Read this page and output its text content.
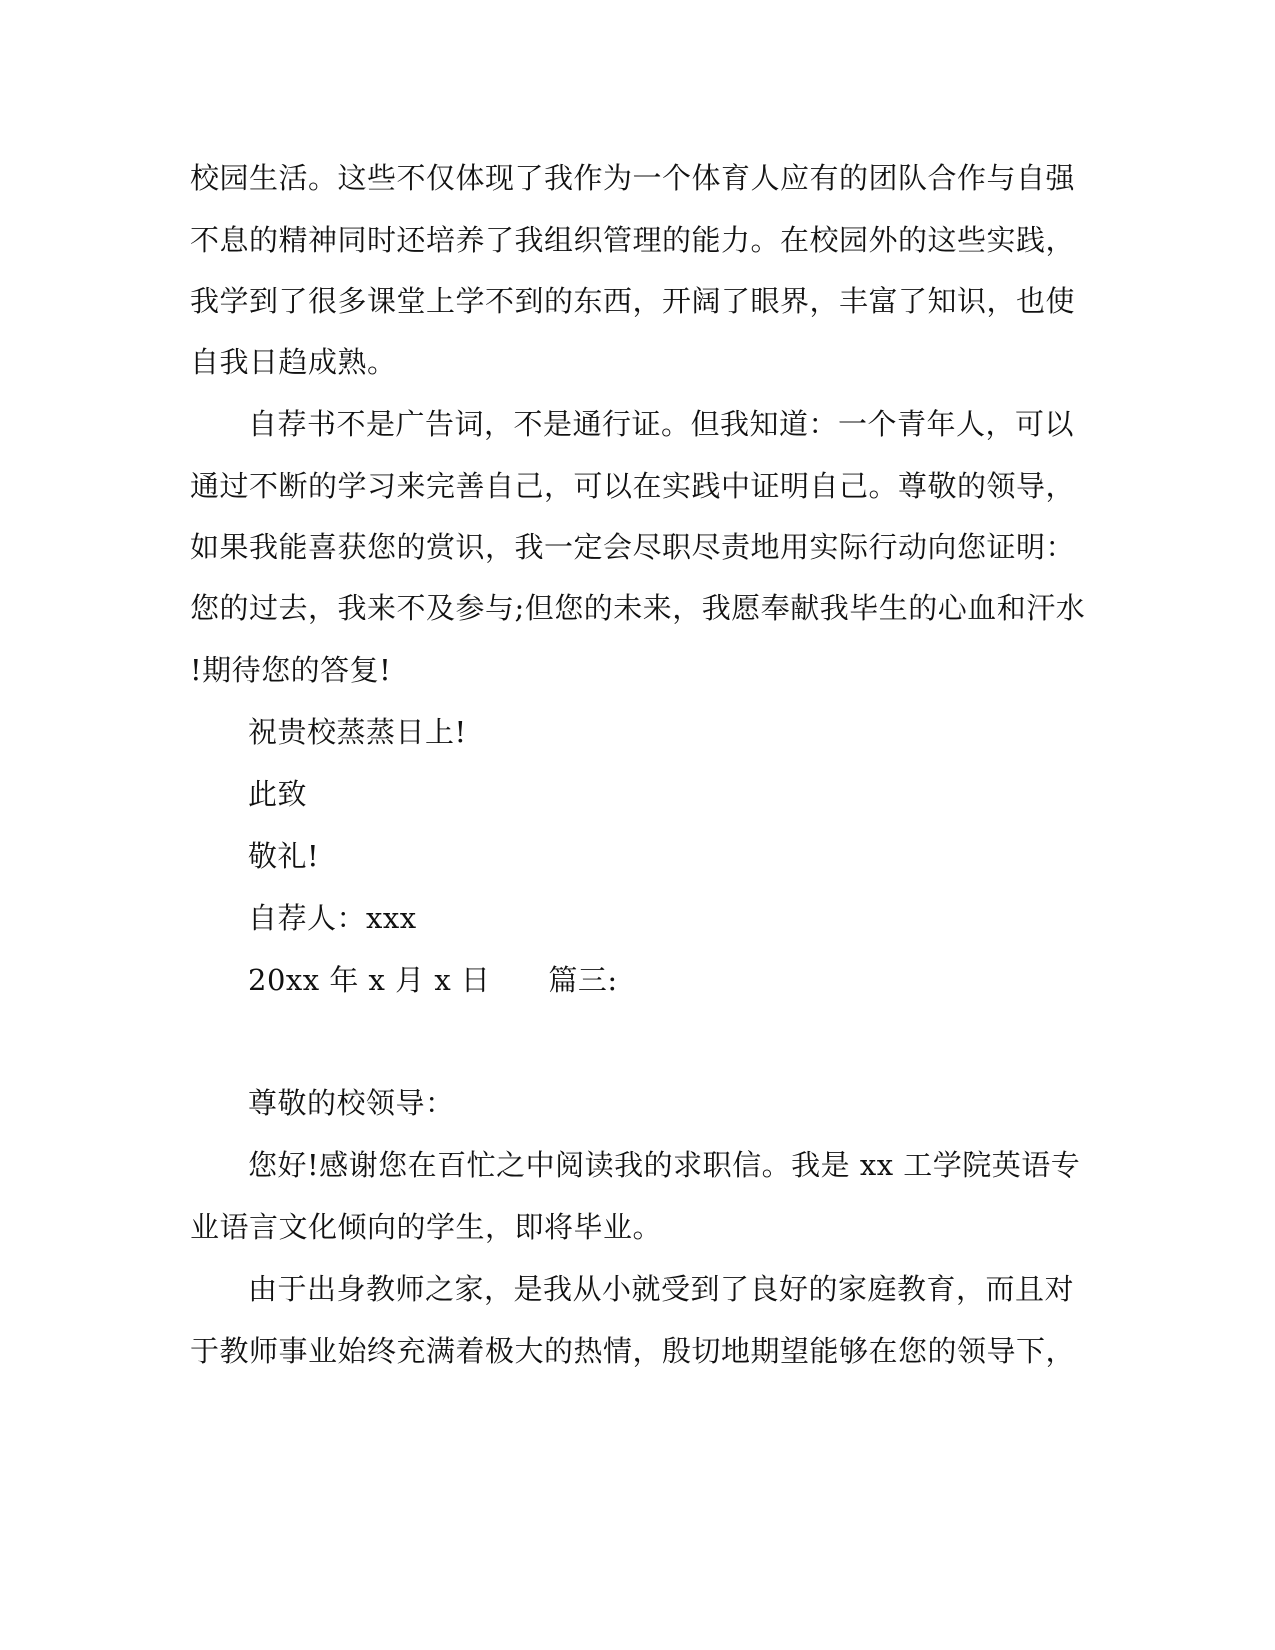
校园生活。这些不仅体现了我作为一个体育人应有的团队合作与自强
不息的精神同时还培养了我组织管理的能力。在校园外的这些实践，
我学到了很多课堂上学不到的东西，开阔了眼界，丰富了知识，也使
自我日趋成熟。
自荐书不是广告词，不是通行证。但我知道：一个青年人，可以
通过不断的学习来完善自己，可以在实践中证明自己。尊敬的领导，
如果我能喜获您的赏识，我一定会尽职尽责地用实际行动向您证明：
您的过去，我来不及参与;但您的未来，我愿奉献我毕生的心血和汗水
!期待您的答复!
祝贵校蒸蒸日上!
此致
敬礼!
自荐人：xxx
20xx 年 x 月 x 日 篇三:
尊敬的校领导：
您好!感谢您在百忙之中阅读我的求职信。我是 xx 工学院英语专
业语言文化倾向的学生，即将毕业。
由于出身教师之家，是我从小就受到了良好的家庭教育，而且对
于教师事业始终充满着极大的热情，殷切地期望能够在您的领导下，
